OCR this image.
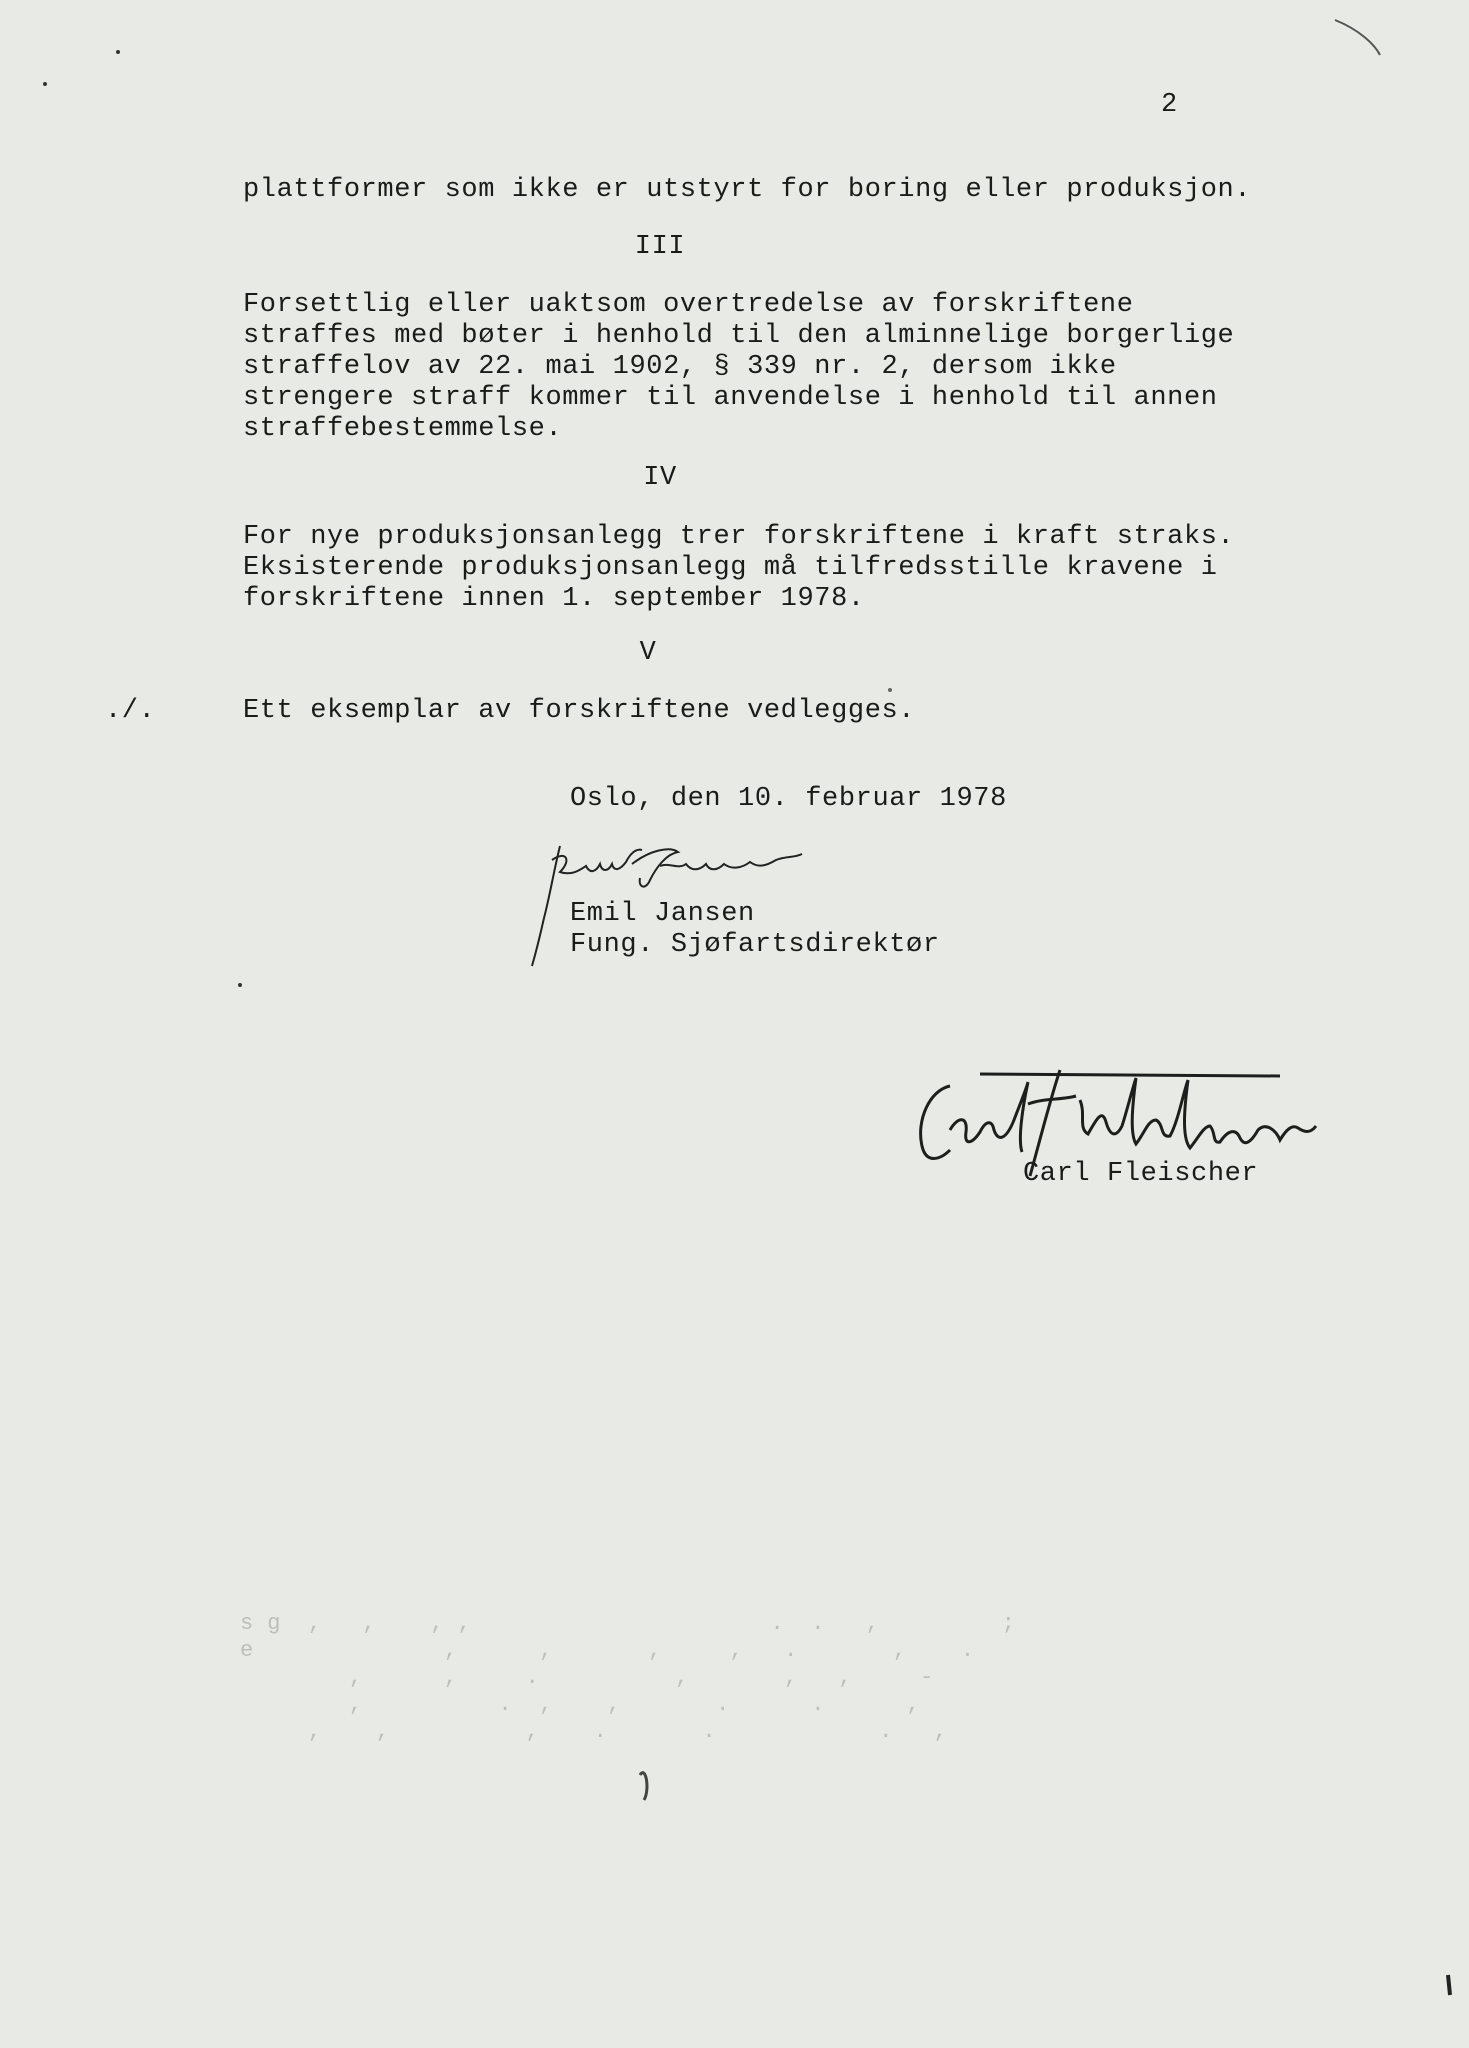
s g  ,   ,    , ,                      .  .   ,         ;
e              ,      ,       ,     ,   .       ,    .
,      ,     .          ,       ,   ,     -
,          .  ,    ,       .      .      ,
,    ,          ,    .       .            .   ,
2
plattformer som ikke er utstyrt for boring eller produksjon.
III
Forsettlig eller uaktsom overtredelse av forskriftene
straffes med bøter i henhold til den alminnelige borgerlige
straffelov av 22. mai 1902, § 339 nr. 2, dersom ikke
strengere straff kommer til anvendelse i henhold til annen
straffebestemmelse.
IV
For nye produksjonsanlegg trer forskriftene i kraft straks.
Eksisterende produksjonsanlegg må tilfredsstille kravene i
forskriftene innen 1. september 1978.
V
./.	Ett eksemplar av forskriftene vedlegges.
Oslo, den 10. februar 1978
Emil Jansen
Fung. Sjøfartsdirektør
Carl Fleischer
